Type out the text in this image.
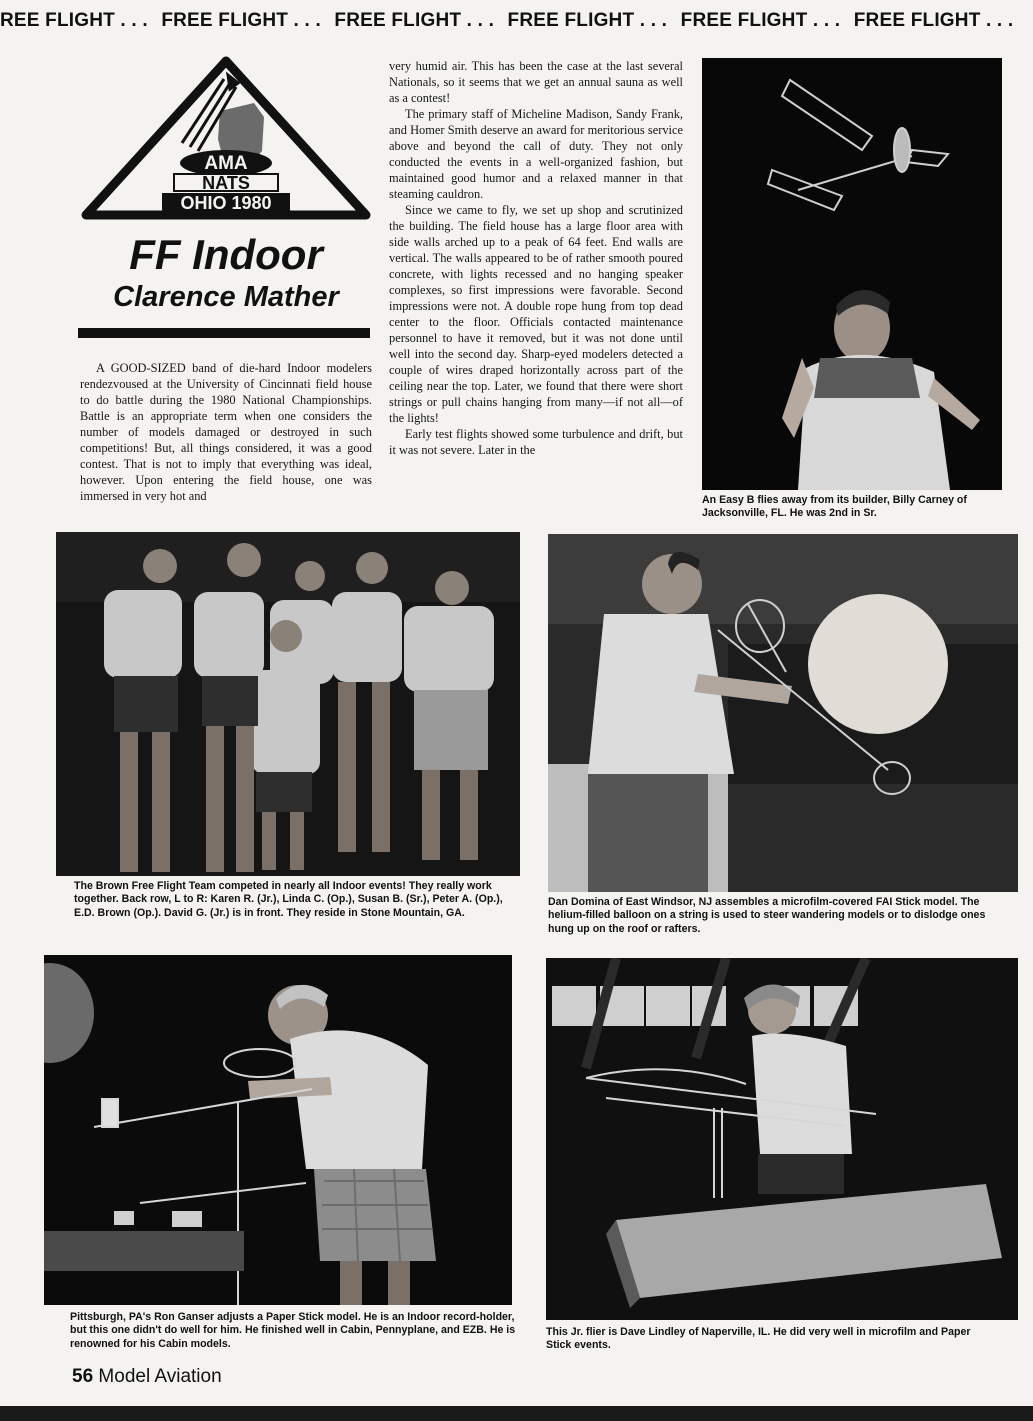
REE FLIGHT . . . FREE FLIGHT . . . FREE FLIGHT . . . FREE FLIGHT . . . FREE FLIGHT . . . FREE FLIGHT . . .
AMA
NATS
OHIO 1980
FF Indoor
Clarence Mather

A GOOD-SIZED band of die-hard Indoor modelers rendezvoused at the University of Cincinnati field house to do battle during the 1980 National Championships. Battle is an appropriate term when one considers the number of models damaged or destroyed in such competitions! But, all things considered, it was a good contest. That is not to imply that everything was ideal, however. Upon entering the field house, one was immersed in very hot and

very humid air. This has been the case at the last several Nationals, so it seems that we get an annual sauna as well as a contest!

The primary staff of Micheline Madison, Sandy Frank, and Homer Smith deserve an award for meritorious service above and beyond the call of duty. They not only conducted the events in a well-organized fashion, but maintained good humor and a relaxed manner in that steaming cauldron.

Since we came to fly, we set up shop and scrutinized the building. The field house has a large floor area with side walls arched up to a peak of 64 feet. End walls are vertical. The walls appeared to be of rather smooth poured concrete, with lights recessed and no hanging speaker complexes, so first impressions were favorable. Second impressions were not. A double rope hung from top dead center to the floor. Officials contacted maintenance personnel to have it removed, but it was not done until well into the second day. Sharp-eyed modelers detected a couple of wires draped horizontally across part of the ceiling near the top. Later, we found that there were short strings or pull chains hanging from many—if not all—of the lights!

Early test flights showed some turbulence and drift, but it was not severe. Later in the

An Easy B flies away from its builder, Billy Carney of Jacksonville, FL. He was 2nd in Sr.
The Brown Free Flight Team competed in nearly all Indoor events! They really work together. Back row, L to R: Karen R. (Jr.), Linda C. (Op.), Susan B. (Sr.), Peter A. (Op.), E.D. Brown (Op.). David G. (Jr.) is in front. They reside in Stone Mountain, GA.
Dan Domina of East Windsor, NJ assembles a microfilm-covered FAI Stick model. The helium-filled balloon on a string is used to steer wandering models or to dislodge ones hung up on the roof or rafters.
Pittsburgh, PA's Ron Ganser adjusts a Paper Stick model. He is an Indoor record-holder, but this one didn't do well for him. He finished well in Cabin, Pennyplane, and EZB. He is renowned for his Cabin models.
This Jr. flier is Dave Lindley of Naperville, IL. He did very well in microfilm and Paper Stick events.
56 Model Aviation
